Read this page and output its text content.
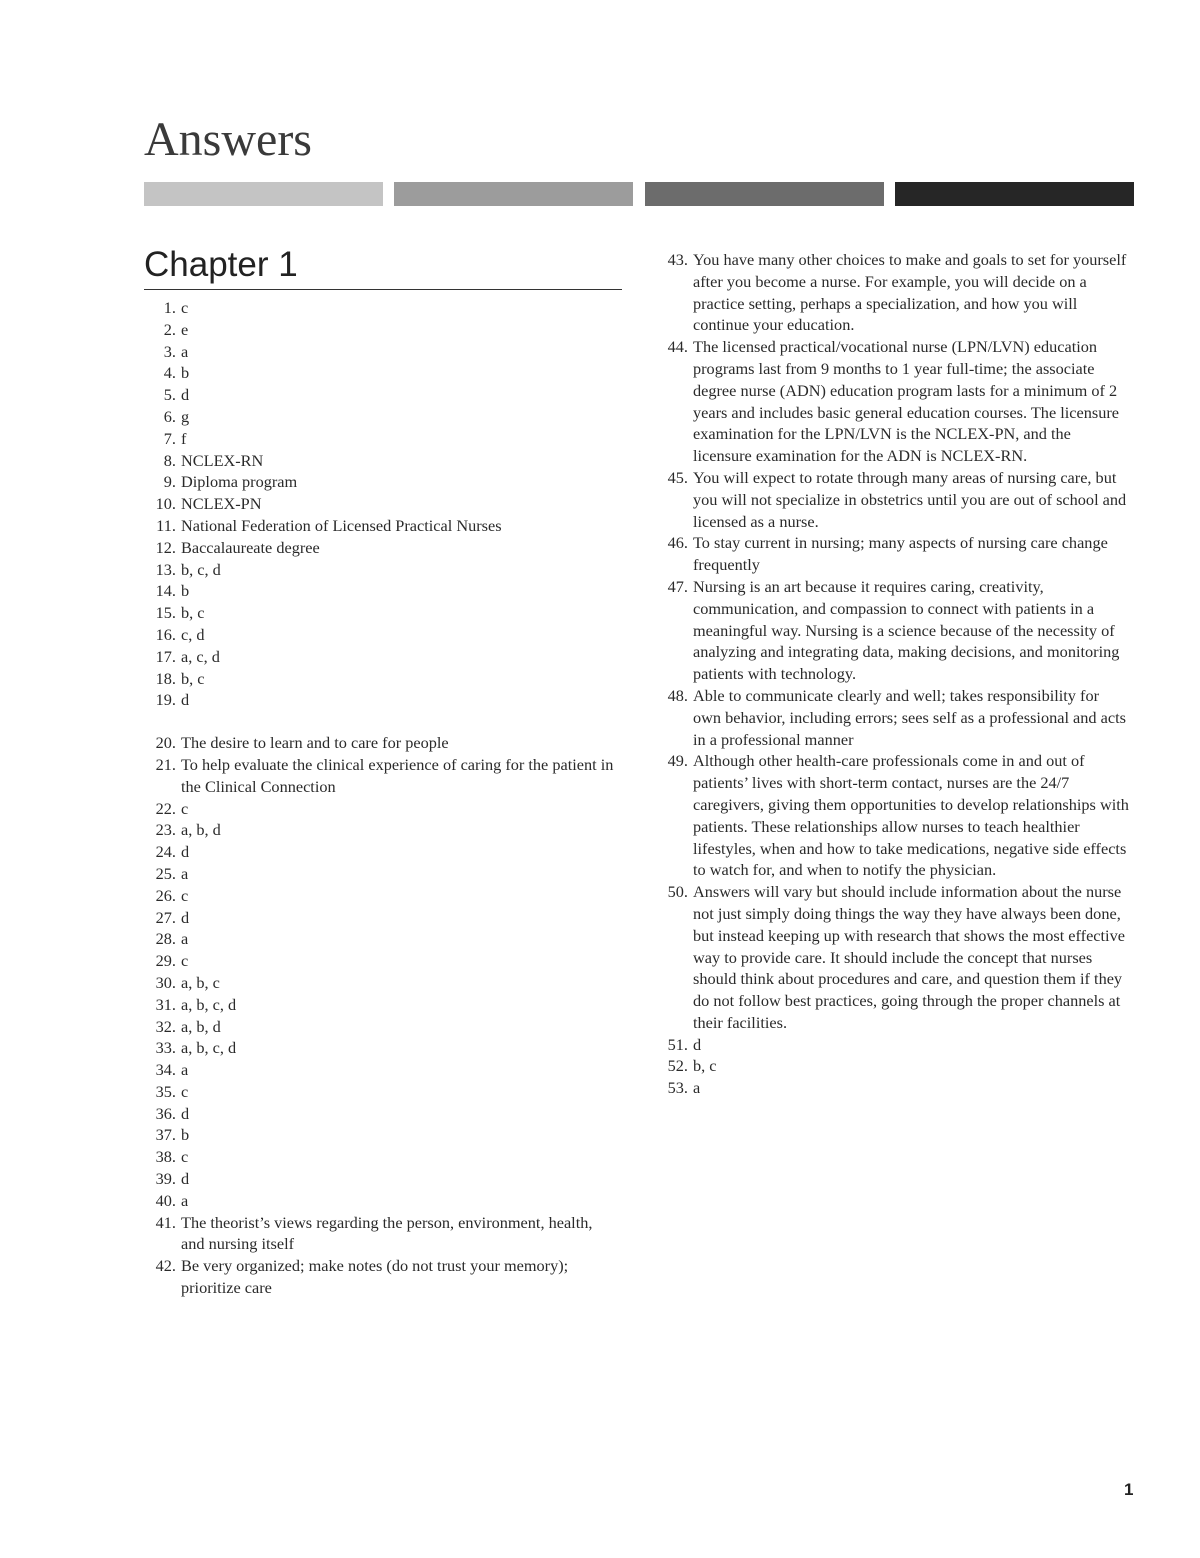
Answers
Chapter 1
1 . c
2 . e
3 . a
4 . b
5 . d
6 . g
7 . f
8 . NCLEX-RN
9 . Diploma program
10 . NCLEX-PN
11 . National Federation of Licensed Practical Nurses
12 . Baccalaureate degree
13 . b, c, d
14 . b
15 . b, c
16 . c, d
17 . a, c, d
18 . b, c
19 . d
20 . The desire to learn and to care for people
21 . To help evaluate the clinical experience of caring for the patient in the Clinical Connection
22 . c
23 . a, b, d
24 . d
25 . a
26 . c
27 . d
28 . a
29 . c
30 . a, b, c
31 . a, b, c, d
32 . a, b, d
33 . a, b, c, d
34 . a
35 . c
36 . d
37 . b
38 . c
39 . d
40 . a
41 . The theorist’s views regarding the person, environment, health, and nursing itself
42 . Be very organized; make notes (do not trust your memory); prioritize care
43 . You have many other choices to make and goals to set for yourself after you become a nurse. For example, you will decide on a practice setting, perhaps a specialization, and how you will continue your education.
44 . The licensed practical/vocational nurse (LPN/LVN) education programs last from 9 months to 1 year full-time; the associate degree nurse (ADN) education program lasts for a minimum of 2 years and includes basic general education courses. The licensure examination for the LPN/LVN is the NCLEX-PN, and the licensure examination for the ADN is NCLEX-RN.
45 . You will expect to rotate through many areas of nursing care, but you will not specialize in obstetrics until you are out of school and licensed as a nurse.
46 . To stay current in nursing; many aspects of nursing care change frequently
47 . Nursing is an art because it requires caring, creativity, communication, and compassion to connect with patients in a meaningful way. Nursing is a science because of the necessity of analyzing and integrating data, making decisions, and monitoring patients with technology.
48 . Able to communicate clearly and well; takes responsibility for own behavior, including errors; sees self as a professional and acts in a professional manner
49 . Although other health-care professionals come in and out of patients’ lives with short-term contact, nurses are the 24/7 caregivers, giving them opportunities to develop relationships with patients. These relationships allow nurses to teach healthier lifestyles, when and how to take medications, negative side effects to watch for, and when to notify the physician.
50 . Answers will vary but should include information about the nurse not just simply doing things the way they have always been done, but instead keeping up with research that shows the most effective way to provide care. It should include the concept that nurses should think about procedures and care, and question them if they do not follow best practices, going through the proper channels at their facilities.
51 . d
52 . b, c
53 . a
1
